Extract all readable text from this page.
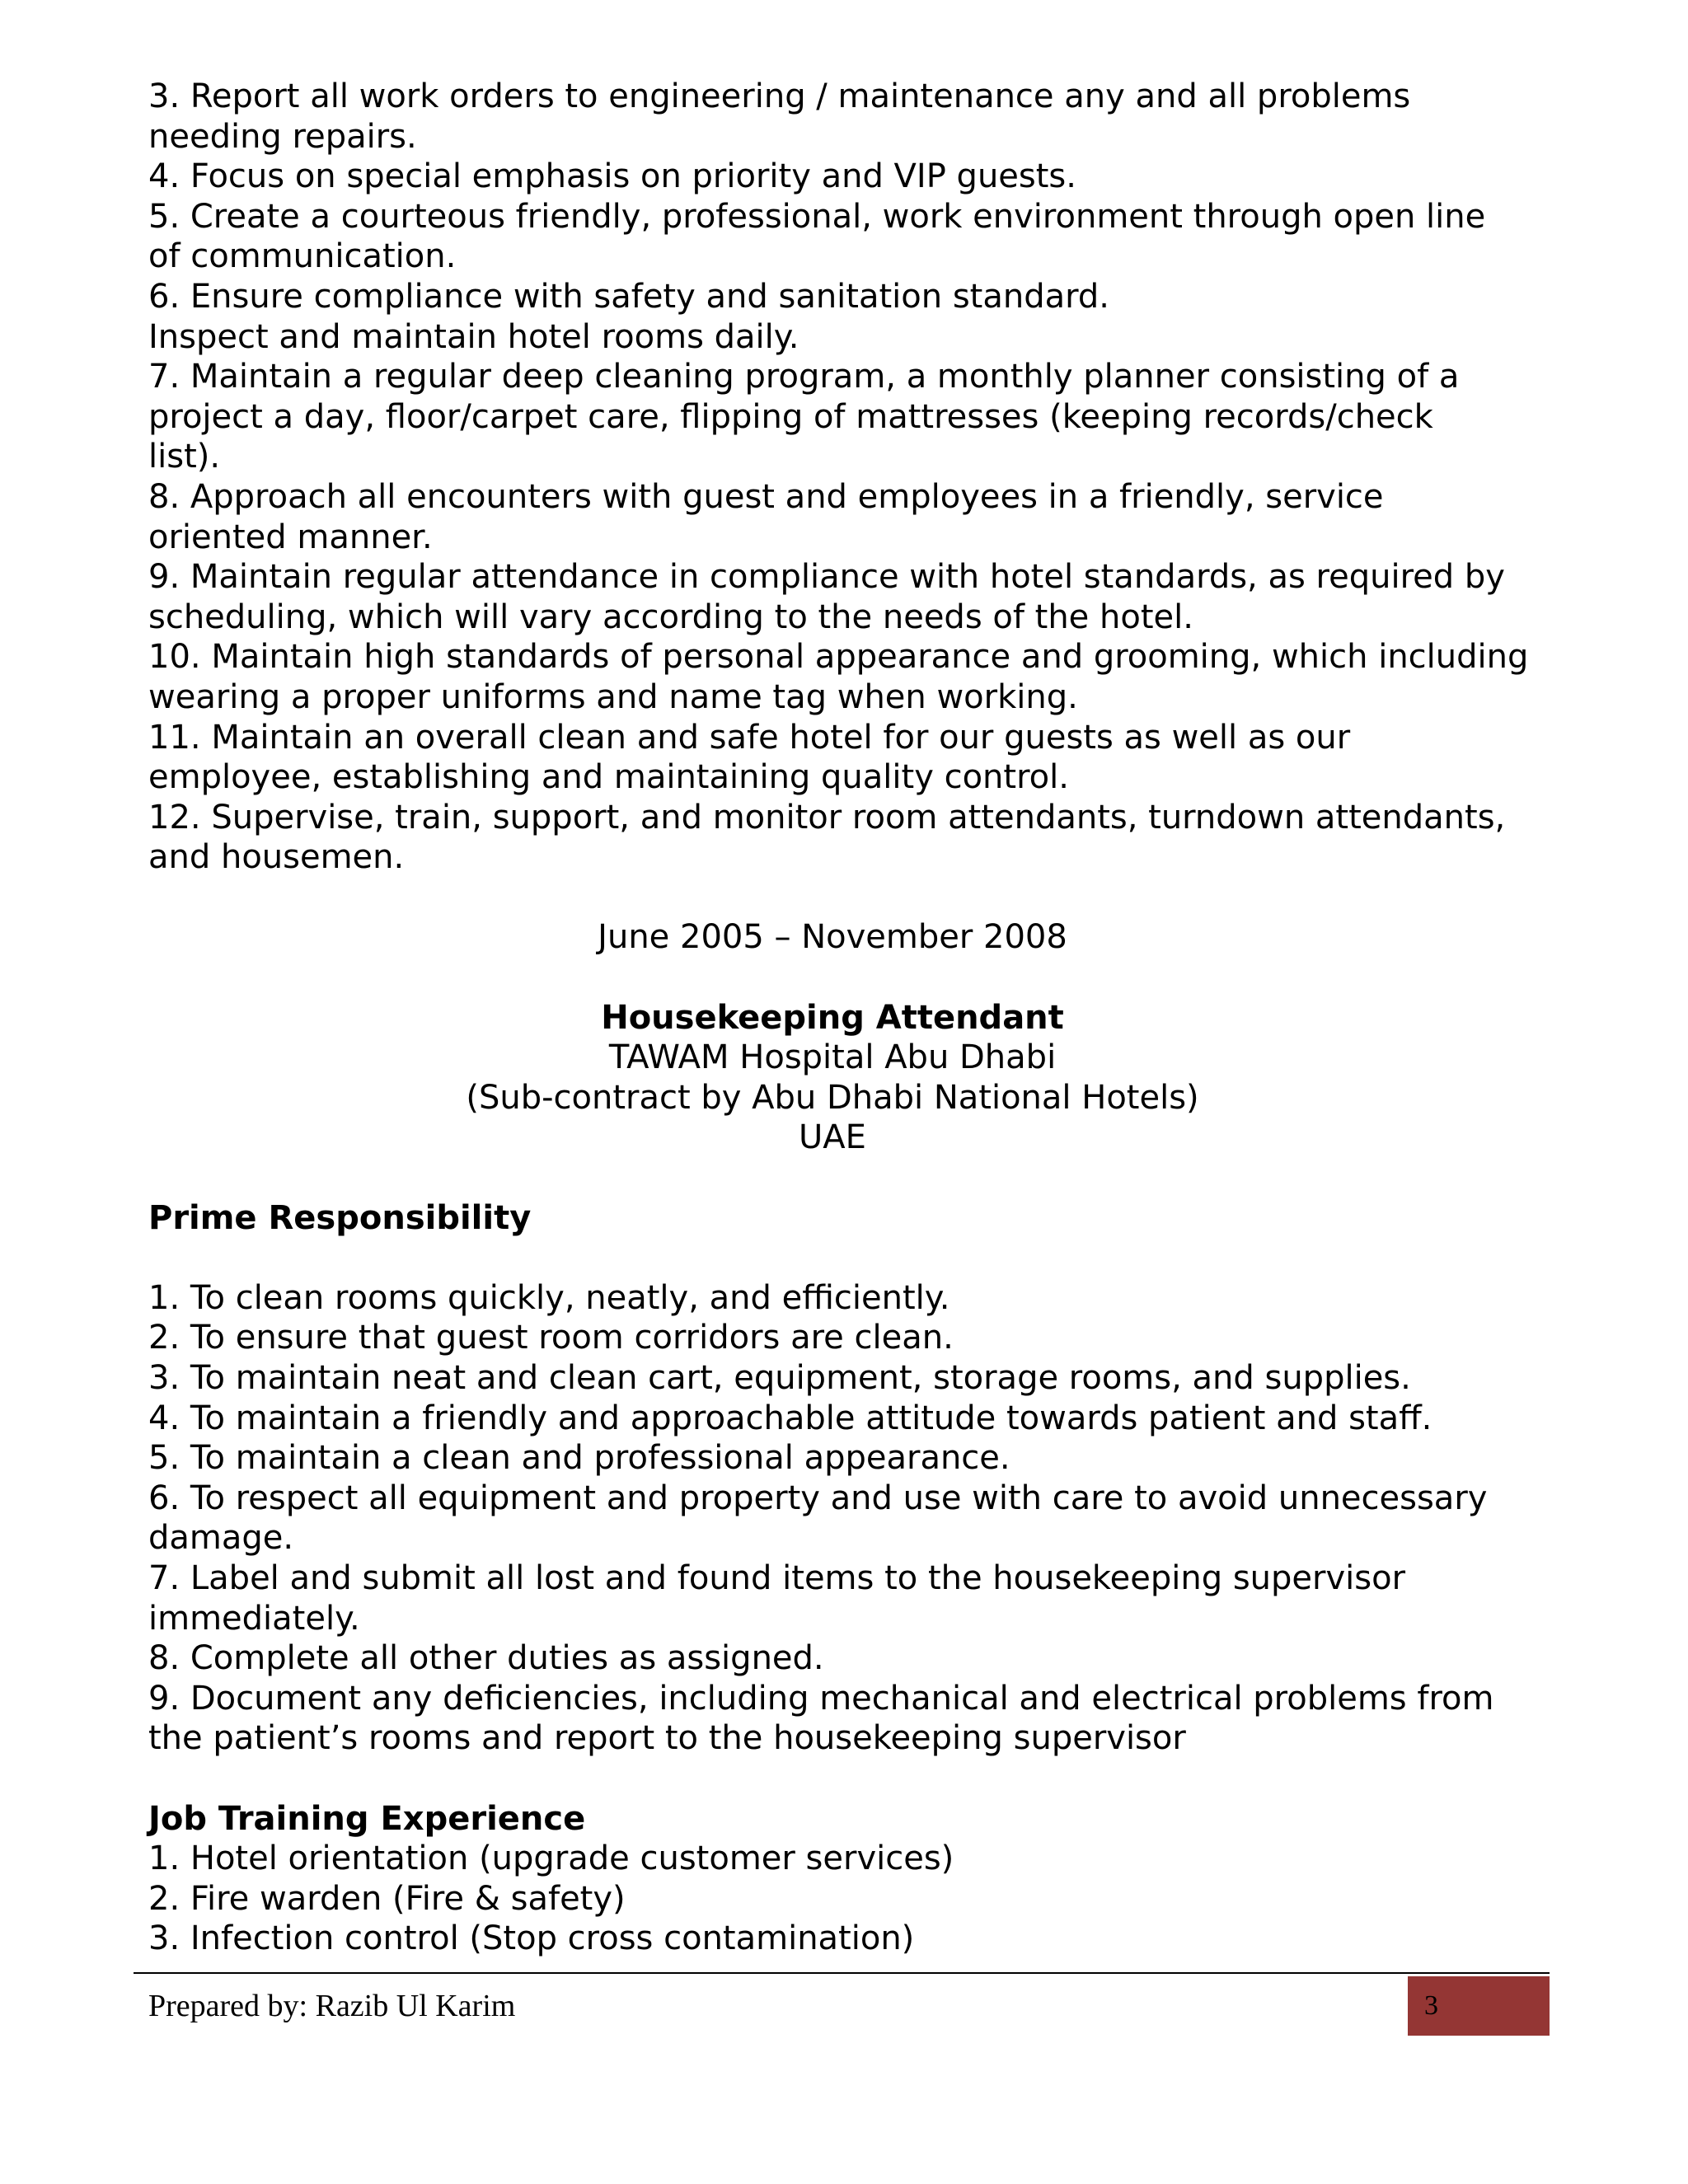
3. Report all work orders to engineering / maintenance any and all problems
needing repairs.
4. Focus on special emphasis on priority and VIP guests.
5. Create a courteous friendly, professional, work environment through open line
of communication.
6. Ensure compliance with safety and sanitation standard.
Inspect and maintain hotel rooms daily.
7. Maintain a regular deep cleaning program, a monthly planner consisting of a
project a day, floor/carpet care, flipping of mattresses (keeping records/check
list).
8. Approach all encounters with guest and employees in a friendly, service
oriented manner.
9. Maintain regular attendance in compliance with hotel standards, as required by
scheduling, which will vary according to the needs of the hotel.
10. Maintain high standards of personal appearance and grooming, which including
wearing a proper uniforms and name tag when working.
11. Maintain an overall clean and safe hotel for our guests as well as our
employee, establishing and maintaining quality control.
12. Supervise, train, support, and monitor room attendants, turndown attendants,
and housemen.
June 2005 – November 2008
Housekeeping Attendant
TAWAM Hospital Abu Dhabi
(Sub-contract by Abu Dhabi National Hotels)
UAE
Prime Responsibility
1. To clean rooms quickly, neatly, and efficiently.
2. To ensure that guest room corridors are clean.
3. To maintain neat and clean cart, equipment, storage rooms, and supplies.
4. To maintain a friendly and approachable attitude towards patient and staff.
5. To maintain a clean and professional appearance.
6. To respect all equipment and property and use with care to avoid unnecessary
damage.
7. Label and submit all lost and found items to the housekeeping supervisor
immediately.
8. Complete all other duties as assigned.
9. Document any deficiencies, including mechanical and electrical problems from
the patient’s rooms and report to the housekeeping supervisor
Job Training Experience
1. Hotel orientation (upgrade customer services)
2. Fire warden (Fire & safety)
3. Infection control (Stop cross contamination)
Prepared by: Razib Ul Karim	3
